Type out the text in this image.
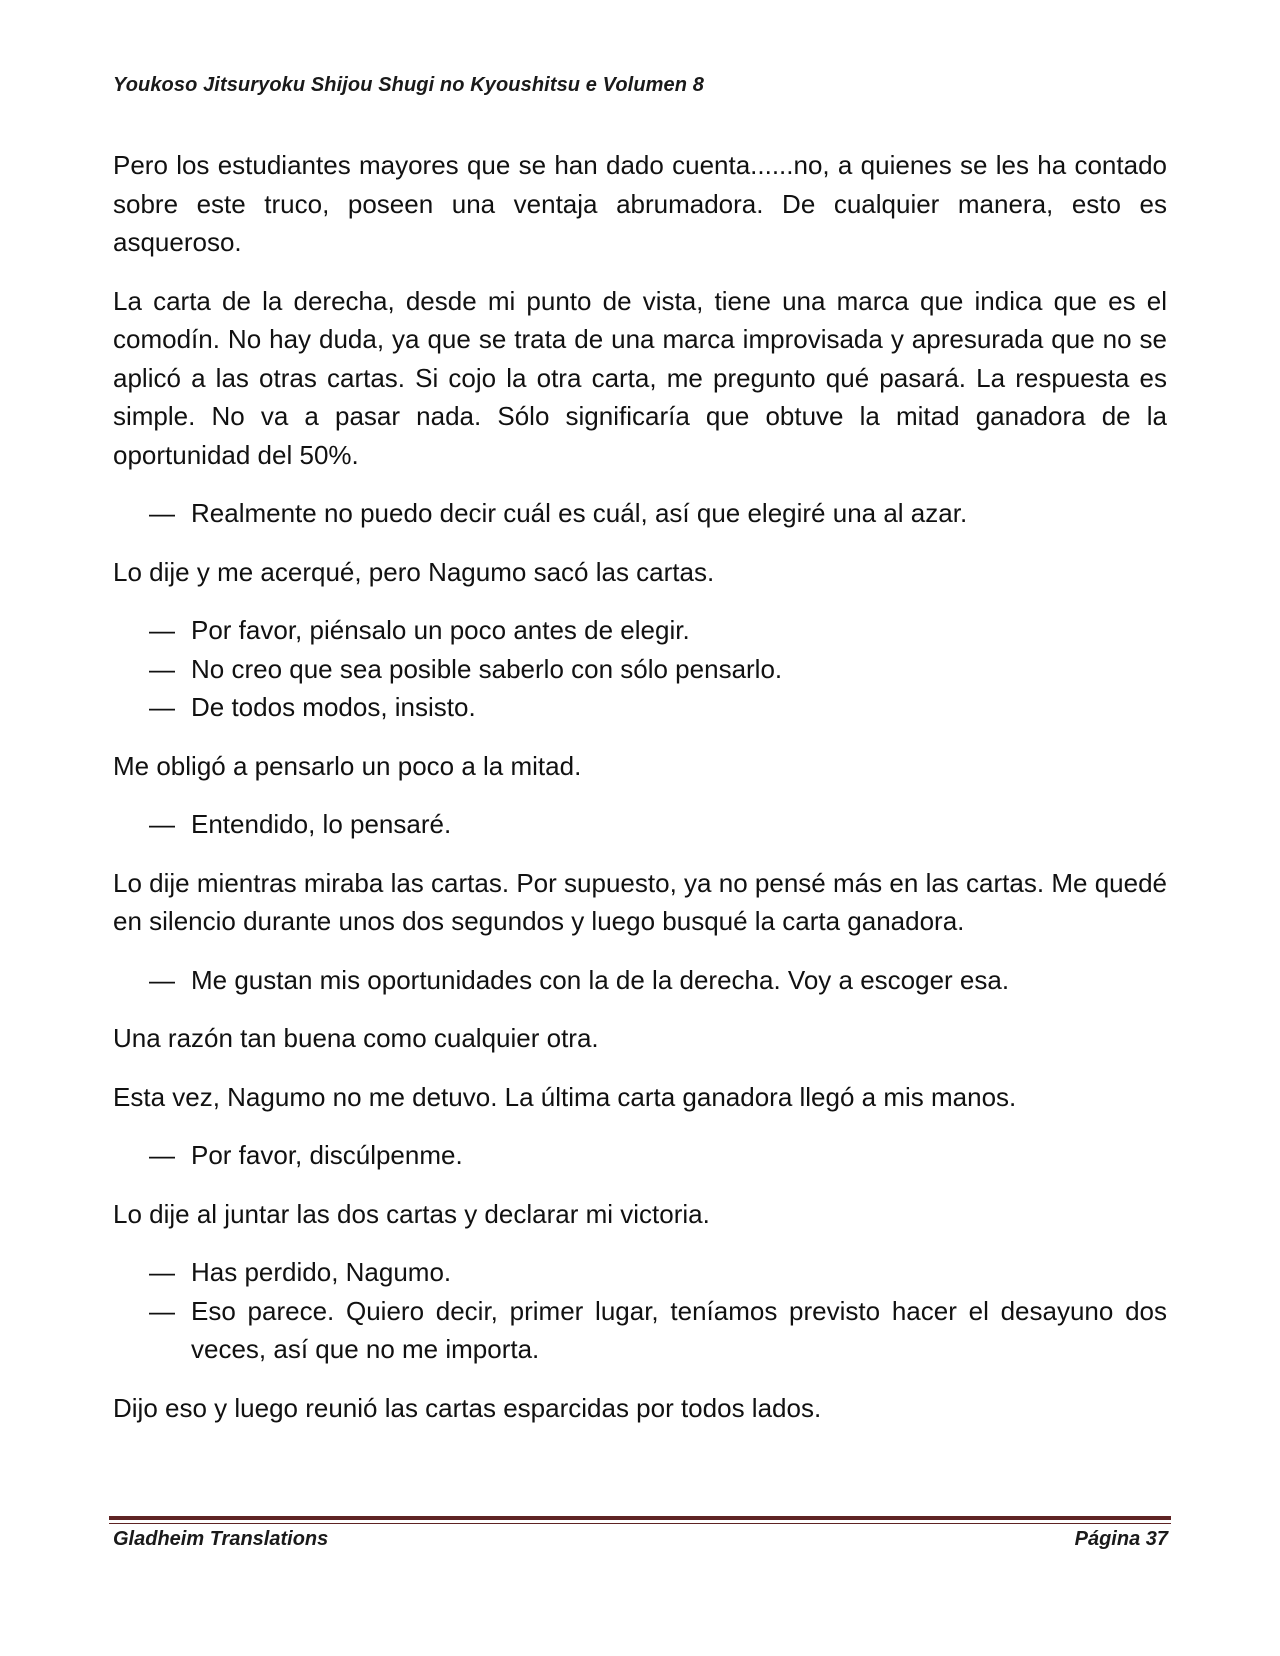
Youkoso Jitsuryoku Shijou Shugi no Kyoushitsu e Volumen 8

Pero los estudiantes mayores que se han dado cuenta......no, a quienes se les ha contado sobre este truco, poseen una ventaja abrumadora. De cualquier manera, esto es asqueroso.

La carta de la derecha, desde mi punto de vista, tiene una marca que indica que es el comodín. No hay duda, ya que se trata de una marca improvisada y apresurada que no se aplicó a las otras cartas. Si cojo la otra carta, me pregunto qué pasará. La respuesta es simple. No va a pasar nada. Sólo significaría que obtuve la mitad ganadora de la oportunidad del 50%.

— Realmente no puedo decir cuál es cuál, así que elegiré una al azar.

Lo dije y me acerqué, pero Nagumo sacó las cartas.

— Por favor, piénsalo un poco antes de elegir.
— No creo que sea posible saberlo con sólo pensarlo.
— De todos modos, insisto.

Me obligó a pensarlo un poco a la mitad.

— Entendido, lo pensaré.

Lo dije mientras miraba las cartas. Por supuesto, ya no pensé más en las cartas. Me quedé en silencio durante unos dos segundos y luego busqué la carta ganadora.

— Me gustan mis oportunidades con la de la derecha. Voy a escoger esa.

Una razón tan buena como cualquier otra.

Esta vez, Nagumo no me detuvo. La última carta ganadora llegó a mis manos.

— Por favor, discúlpenme.

Lo dije al juntar las dos cartas y declarar mi victoria.

— Has perdido, Nagumo.
— Eso parece. Quiero decir, primer lugar, teníamos previsto hacer el desayuno dos veces, así que no me importa.

Dijo eso y luego reunió las cartas esparcidas por todos lados.

Gladheim Translations	Página 37
